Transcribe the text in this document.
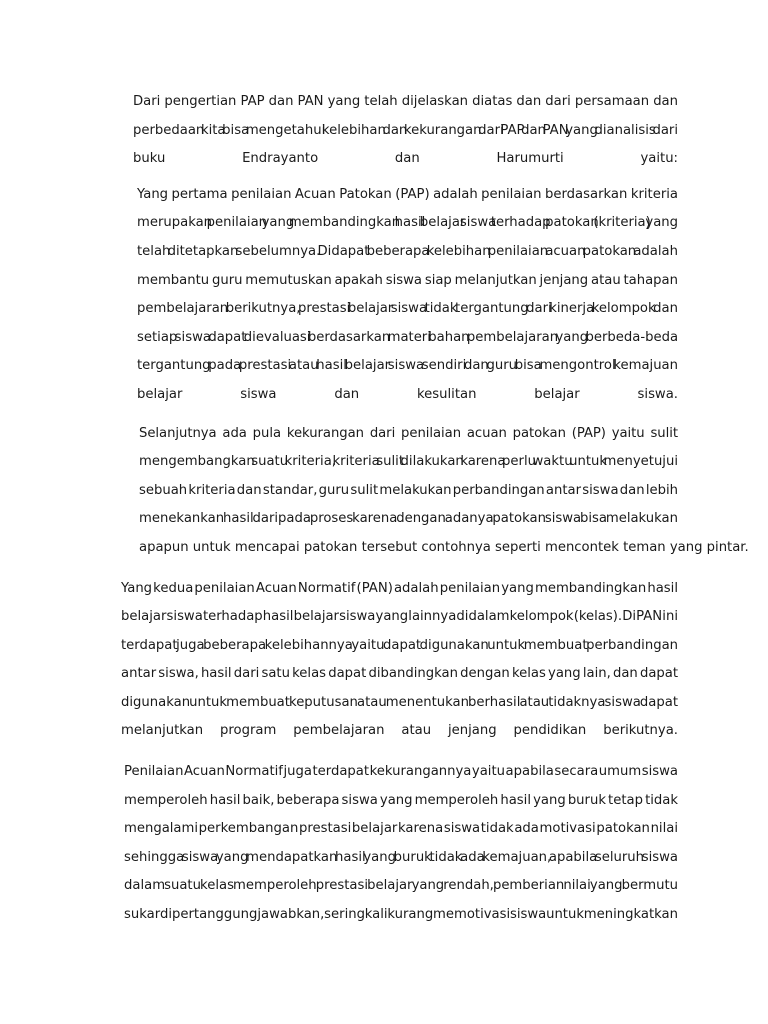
Dari pengertian PAP dan PAN yang telah dijelaskan diatas dan dari persamaan dan
perbedaan kita bisa mengetahui kelebihan dan kekurangan dari PAP dan PAN yang dianalisis dari
buku Endrayanto dan Harumurti yaitu:

Yang pertama penilaian Acuan Patokan (PAP) adalah penilaian berdasarkan kriteria
merupakan penilaian yang membandingkan hasil belajar siswa terhadap patokan (kriteria) yang
telah ditetapkan sebelumnya. Didapat beberapa kelebihan penilaian acuan patokan adalah
membantu guru memutuskan apakah siswa siap melanjutkan jenjang atau tahapan
pembelajaran berikutnya, prestasi belajar siswa tidak tergantung dari kinerja kelompok dan
setiap siswa dapat dievaluasi berdasarkan materi bahan pembelajaran yang berbeda-beda
tergantung pada prestasi atau hasil belajar siswa sendiri dan guru bisa mengontrol kemajuan
belajar siswa dan kesulitan belajar siswa.

Selanjutnya ada pula kekurangan dari penilaian acuan patokan (PAP) yaitu sulit
mengembangkan suatu kriteria, kriteria sulit dilakukan karena perlu waktu untuk menyetujui
sebuah kriteria dan standar, guru sulit melakukan perbandingan antar siswa dan lebih
menekankan hasil daripada proses karena dengan adanya patokan siswa bisa melakukan
apapun untuk mencapai patokan tersebut contohnya seperti mencontek teman yang pintar.

Yang kedua penilaian Acuan Normatif (PAN) adalah penilaian yang membandingkan hasil
belajar siswa terhadap hasil belajar siswa yang lainnya didalam kelompok (kelas). Di PAN ini
terdapat juga beberapa kelebihannya yaitu dapat digunakan untuk membuat perbandingan
antar siswa, hasil dari satu kelas dapat dibandingkan dengan kelas yang lain, dan dapat
digunakan untuk membuat keputusan atau menentukan berhasil atau tidaknya siswa dapat
melanjutkan program pembelajaran atau jenjang pendidikan berikutnya.

Penilaian Acuan Normatif juga terdapat kekurangannya yaitu apabila secara umum siswa
memperoleh hasil baik, beberapa siswa yang memperoleh hasil yang buruk tetap tidak
mengalami perkembangan prestasi belajar karena siswa tidak ada motivasi patokan nilai
sehingga siswa yang mendapatkan hasil yang buruk tidak ada kemajuan, apabila seluruh siswa
dalam suatu kelas memperoleh prestasi belajar yang rendah, pemberian nilai yang bermutu
sukar dipertanggungjawabkan, sering kali kurang memotivasi siswa untuk meningkatkan
